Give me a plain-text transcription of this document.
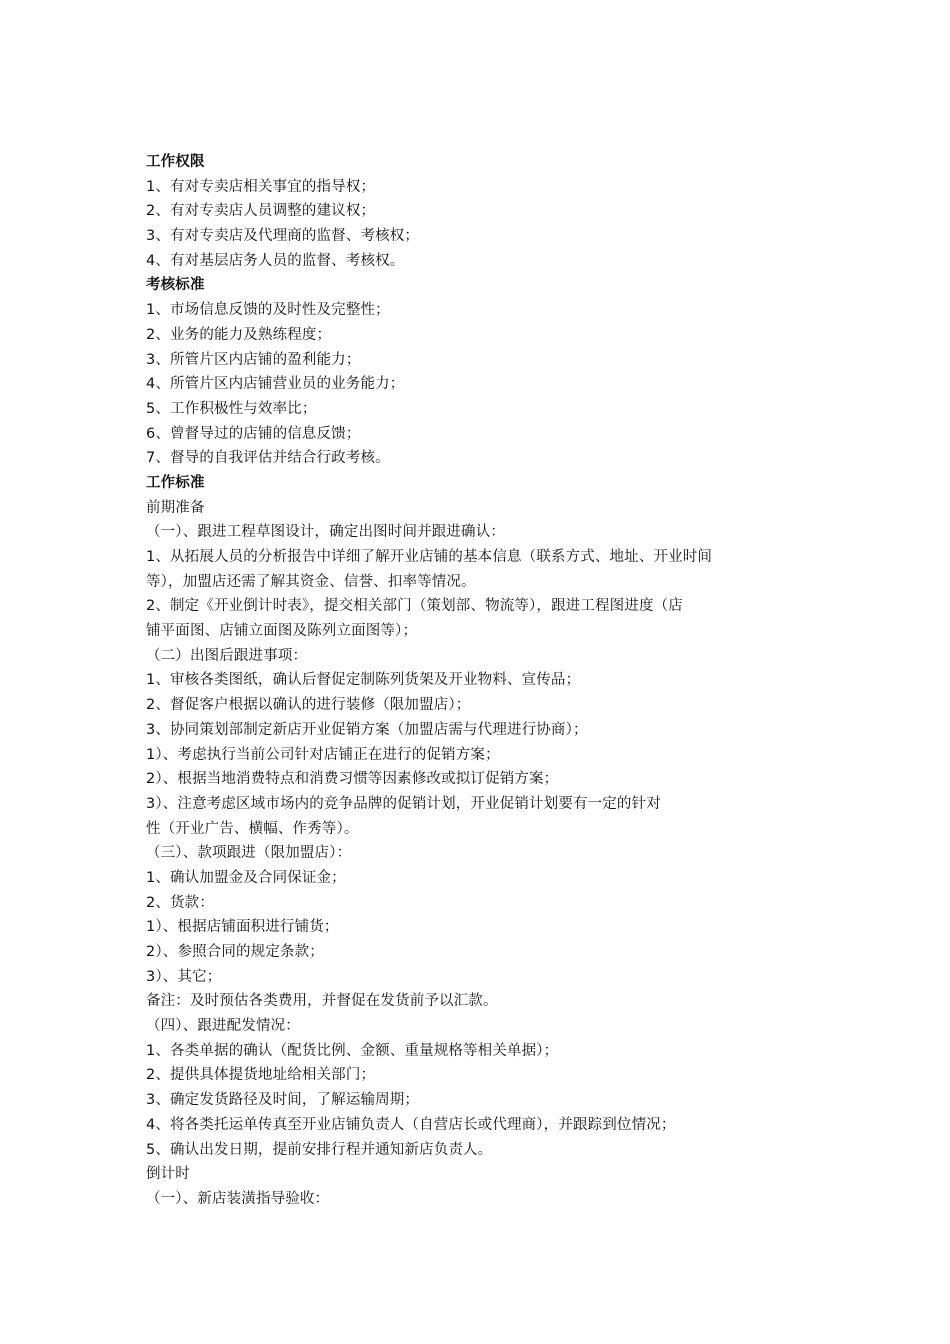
工作权限
1、有对专卖店相关事宜的指导权；
2、有对专卖店人员调整的建议权；
3、有对专卖店及代理商的监督、考核权；
4、有对基层店务人员的监督、考核权。
考核标准
1、市场信息反馈的及时性及完整性；
2、业务的能力及熟练程度；
3、所管片区内店铺的盈利能力；
4、所管片区内店铺营业员的业务能力；
5、工作积极性与效率比；
6、曾督导过的店铺的信息反馈；
7、督导的自我评估并结合行政考核。
工作标准
前期准备
（一）、跟进工程草图设计，确定出图时间并跟进确认：
1、从拓展人员的分析报告中详细了解开业店铺的基本信息（联系方式、地址、开业时间
等），加盟店还需了解其资金、信誉、扣率等情况。
2、制定《开业倒计时表》，提交相关部门（策划部、物流等），跟进工程图进度（店
铺平面图、店铺立面图及陈列立面图等）；
（二）出图后跟进事项：
1、审核各类图纸，确认后督促定制陈列货架及开业物料、宣传品；
2、督促客户根据以确认的进行装修（限加盟店）；
3、协同策划部制定新店开业促销方案（加盟店需与代理进行协商）；
1）、考虑执行当前公司针对店铺正在进行的促销方案；
2）、根据当地消费特点和消费习惯等因素修改或拟订促销方案；
3）、注意考虑区域市场内的竞争品牌的促销计划，开业促销计划要有一定的针对
性（开业广告、横幅、作秀等）。
（三）、款项跟进（限加盟店）：
1、确认加盟金及合同保证金；
2、货款：
1）、根据店铺面积进行铺货；
2）、参照合同的规定条款；
3）、其它；
备注：及时预估各类费用，并督促在发货前予以汇款。
（四）、跟进配发情况：
1、各类单据的确认（配货比例、金额、重量规格等相关单据）；
2、提供具体提货地址给相关部门；
3、确定发货路径及时间，了解运输周期；
4、将各类托运单传真至开业店铺负责人（自营店长或代理商），并跟踪到位情况；
5、确认出发日期，提前安排行程并通知新店负责人。
倒计时
（一）、新店装潢指导验收：
